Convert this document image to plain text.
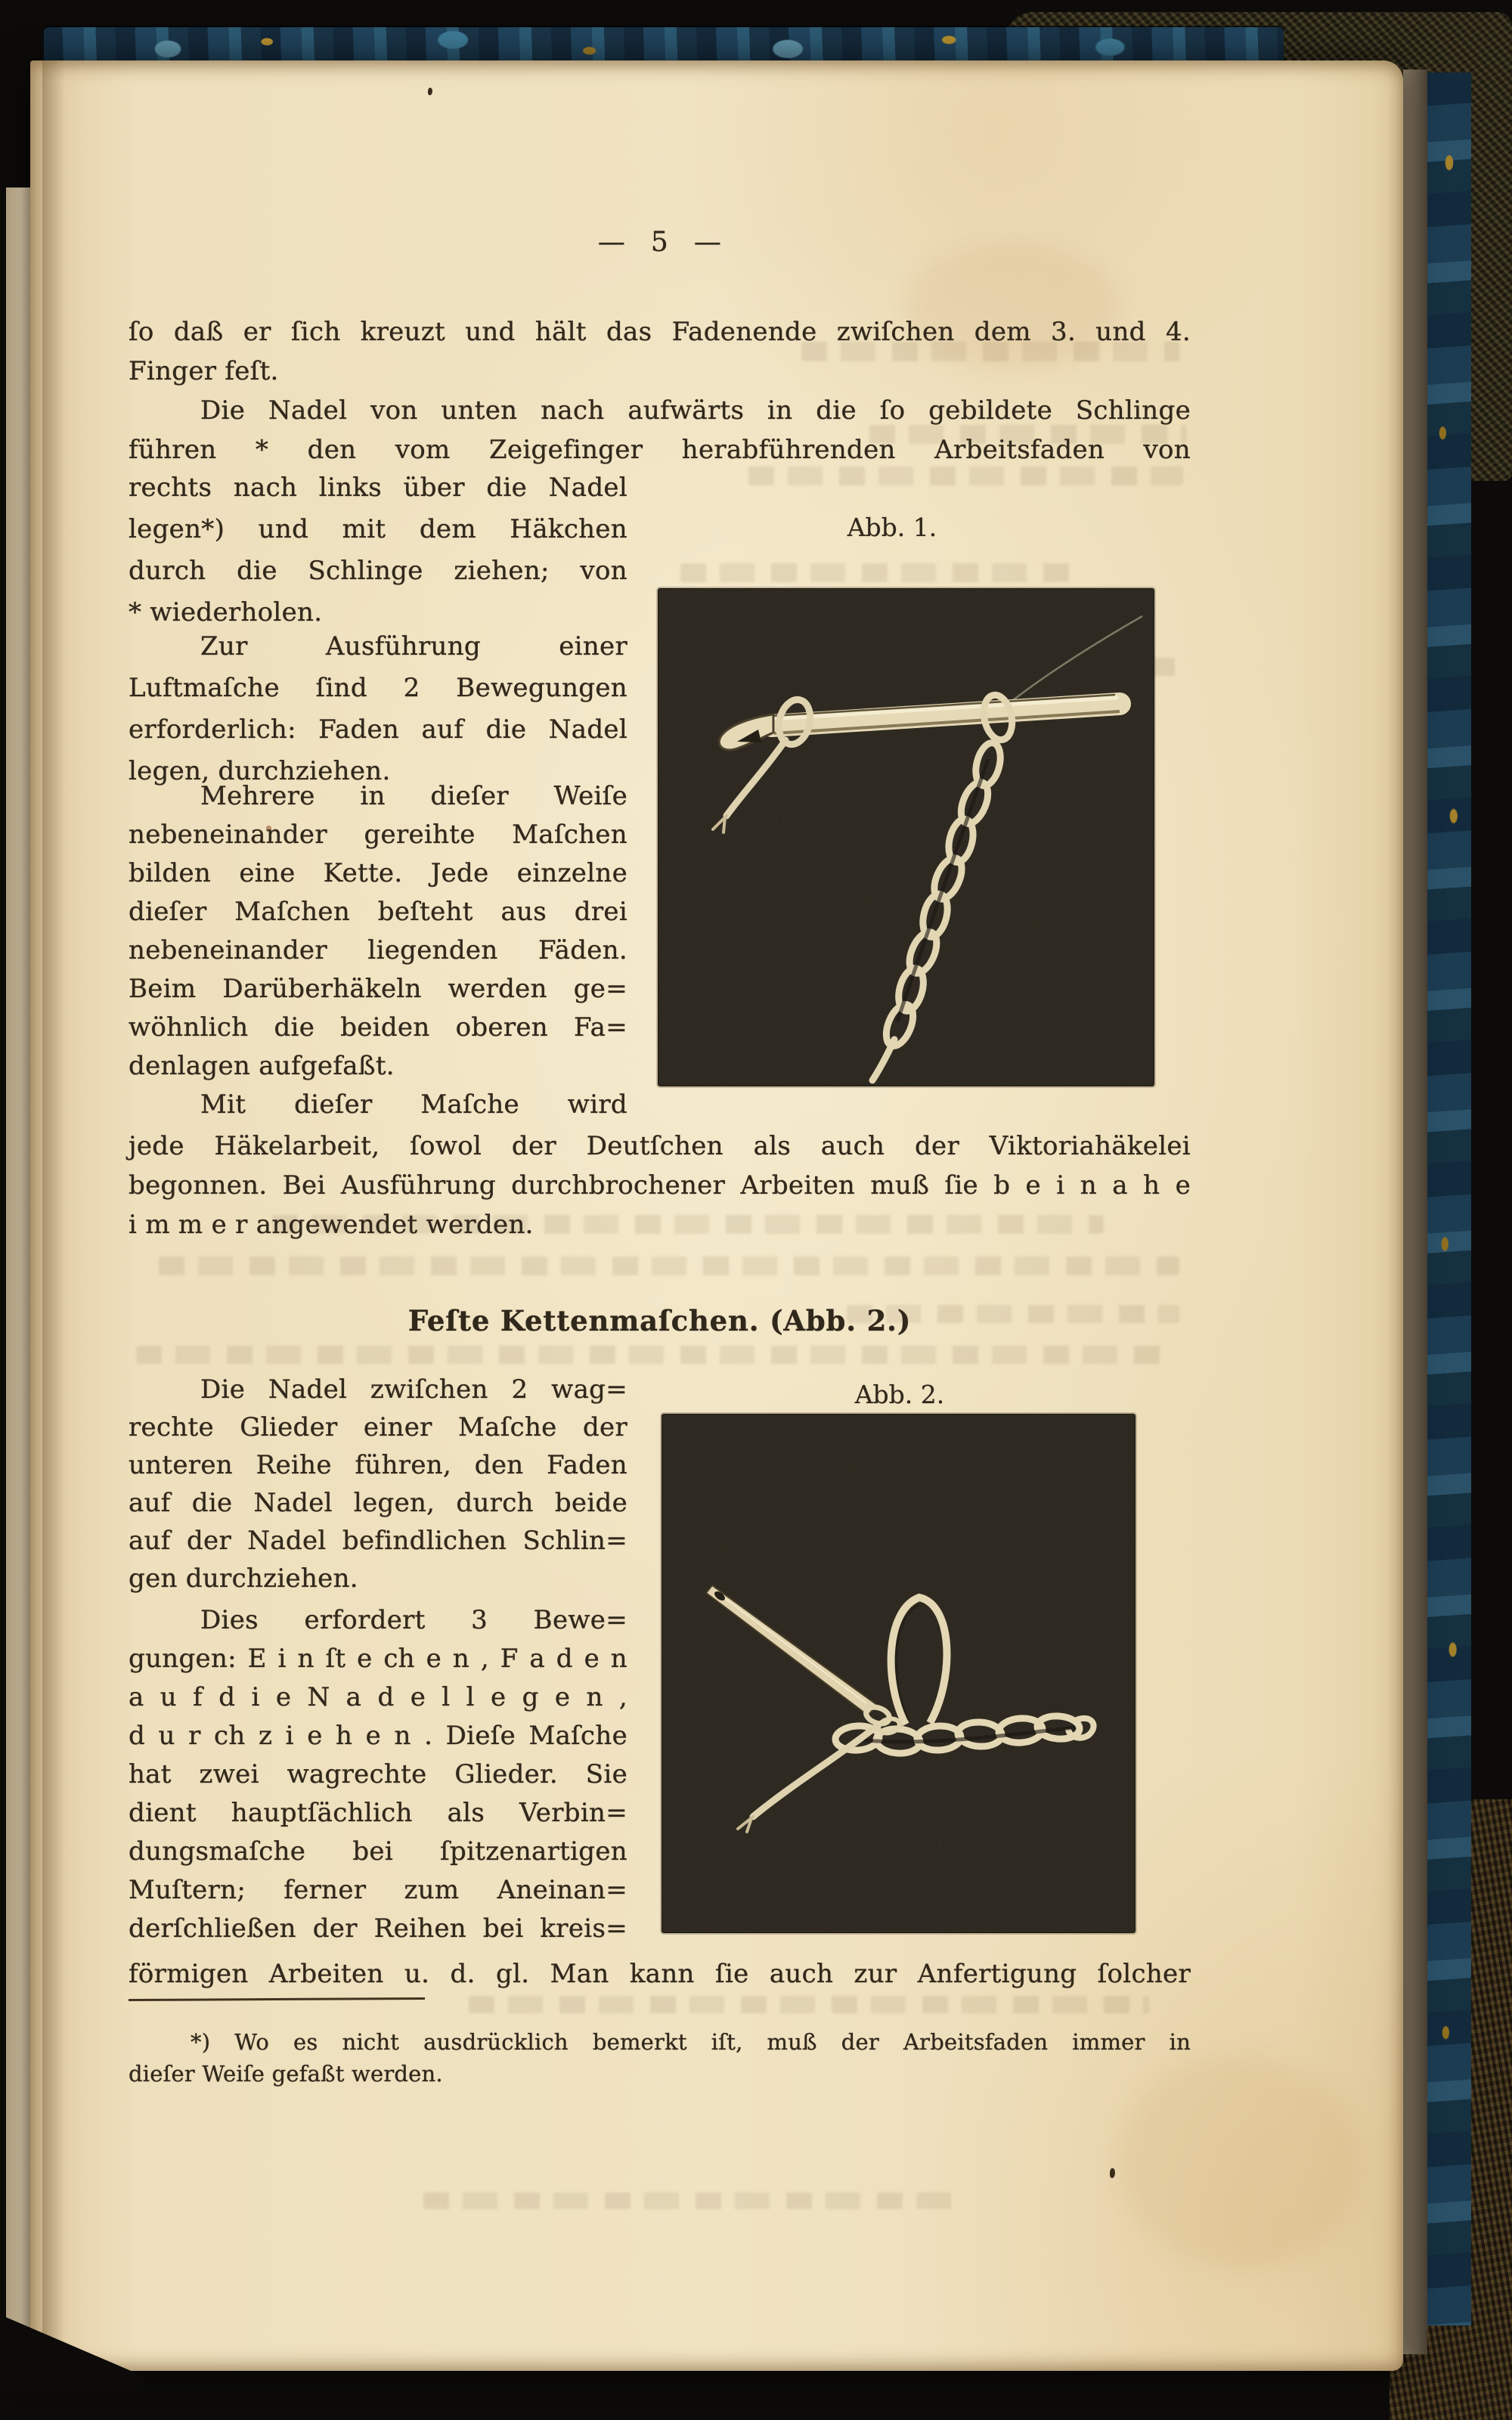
— 5 —
ſo daß er ſich kreuzt und hält das Fadenende zwiſchen dem 3. und 4.
Finger feſt.
Die Nadel von unten nach aufwärts in die ſo gebildete Schlinge
führen * den vom Zeigefinger herabführenden Arbeitsfaden von
rechts nach links über die Nadel
legen*) und mit dem Häkchen
durch die Schlinge ziehen; von
* wiederholen.
Zur Ausführung einer
Luftmaſche ſind 2 Bewegungen
erforderlich: Faden auf die Nadel
legen, durchziehen.
Mehrere in dieſer Weiſe
nebeneinander gereihte Maſchen
bilden eine Kette. Jede einzelne
dieſer Maſchen beſteht aus drei
nebeneinander liegenden Fäden.
Beim Darüberhäkeln werden ge=
wöhnlich die beiden oberen Fa=
denlagen aufgefaßt.
Mit dieſer Maſche wird
jede Häkelarbeit, ſowol der Deutſchen als auch der Viktoriahäkelei
begonnen. Bei Ausführung durchbrochener Arbeiten muß ſie b e i n a h e
i m m e r angewendet werden.
Feſte Kettenmaſchen. (Abb. 2.)
Die Nadel zwiſchen 2 wag=
rechte Glieder einer Maſche der
unteren Reihe führen, den Faden
auf die Nadel legen, durch beide
auf der Nadel befindlichen Schlin=
gen durchziehen.
Dies erfordert 3 Bewe=
gungen: E i n ſt e ch e n , F a d e n
a u f d i e N a d e l l e g e n ,
d u r ch z i e h e n . Dieſe Maſche
hat zwei wagrechte Glieder. Sie
dient hauptſächlich als Verbin=
dungsmaſche bei ſpitzenartigen
Muſtern; ferner zum Aneinan=
derſchließen der Reihen bei kreis=
förmigen Arbeiten u. d. gl. Man kann ſie auch zur Anfertigung ſolcher
*) Wo es nicht ausdrücklich bemerkt iſt, muß der Arbeitsfaden immer in
dieſer Weiſe gefaßt werden.
Abb. 1.
Abb. 2.
